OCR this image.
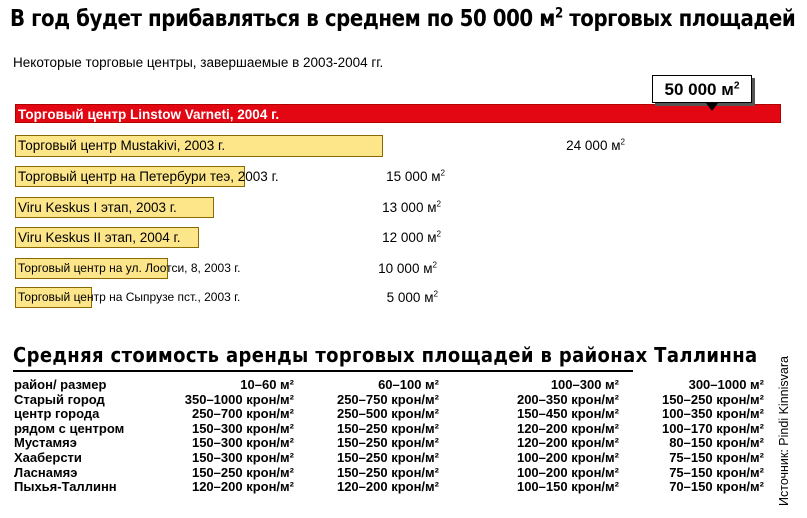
В год будет прибавляться в среднем по 50 000 $м^2$ торговых площадей
Некоторые торговые центры, завершаемые в 2003-2004 гг.
Торговый центр Linstow Varneti, 2004 г.
Торговый центр Mustakivi, 2003 г.	24 000 $м^2$
Торговый центр на Петербури теэ, 2003 г.	15 000 $м^2$
Viru Keskus I этап, 2003 г.	13 000 $м^2$
Viru Keskus II этап, 2004 г.	12 000 $м^2$
Торговый центр на ул. Лоотси, 8, 2003 г.	10 000 $м^2$
Торговый центр на Сыпрузе пст., 2003 г.	5 000 $м^2$
50 000 $м^2$
Средняя стоимость аренды торговых площадей в районах Таллинна
район/ размер	10–60 м²	60–100 м²	100–300 м²	300–1000 м²
Старый город	350–1000 крон/м²	250–750 крон/м²	200–350 крон/м²	150–250 крон/м²
центр города	250–700 крон/м²	250–500 крон/м²	150–450 крон/м²	100–350 крон/м²
рядом с центром	150–300 крон/м²	150–250 крон/м²	120–200 крон/м²	100–170 крон/м²
Мустамяэ	150–300 крон/м²	150–250 крон/м²	120–200 крон/м²	80–150 крон/м²
Хааберсти	150–300 крон/м²	150–250 крон/м²	100–200 крон/м²	75–150 крон/м²
Ласнамяэ	150–250 крон/м²	150–250 крон/м²	100–200 крон/м²	75–150 крон/м²
Пыхья-Таллинн	120–200 крон/м²	120–200 крон/м²	100–150 крон/м²	70–150 крон/м² Источник: Pindi Kinnisvara
